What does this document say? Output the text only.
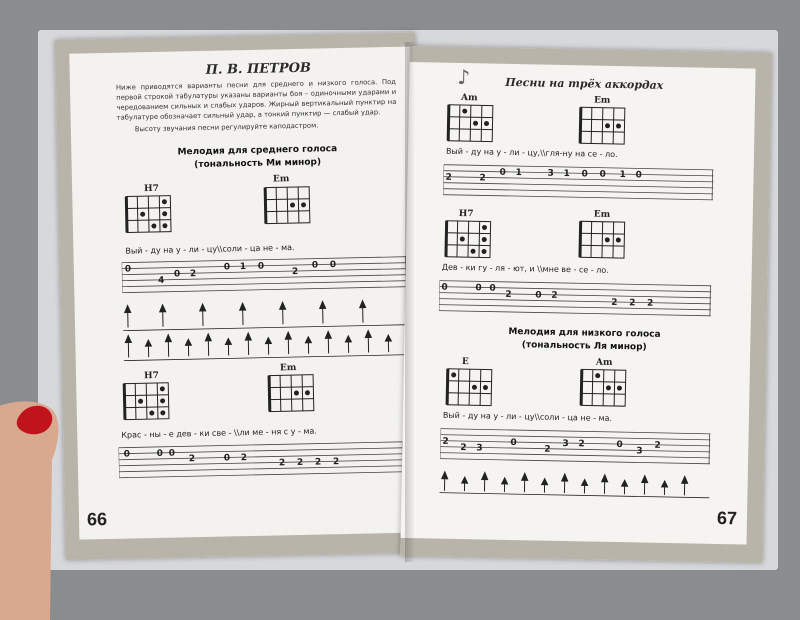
П. В. ПЕТРОВ
Ниже приводятся варианты песни для среднего и низкого голоса. Под первой строкой табулатуры указаны варианты боя – одиночными ударами и чередованием сильных и слабых ударов. Жирный вертикальный пунктир на табулатуре обозначает сильный удар, а тонкий пунктир — слабый удар.
Высоту звучания песни регулируйте каподастром.
Мелодия для среднего голоса
(тональность Ми минор)
H7
Em
Вый - ду на у - ли - цу\\соли - ца не - ма.
0
4
0 2
0 1 0
2
0 0
H7
Em
Крас - ны - е дев - ки све - \\ли ме - ня с у - ма.
0	0 0
2	0 2
2 2 2 2
66
♪	Песни на трёх аккордах
Am	Em
Вый - ду на у - ли - цу,\\гля-ну на се - ло.
2	2
0 1	3 1 0 0 1 0
H7	Em
Дев - ки гу - ля - ют, и \\мне ве - се - ло.
0	0 0
2	0 2
2 2 2
Мелодия для низкого голоса
(тональность Ля минор)
E	Am
Вый - ду на у - ли - цу\\соли - ца не - ма.
2
2 3
0
2
3 2	0
3
2
67
